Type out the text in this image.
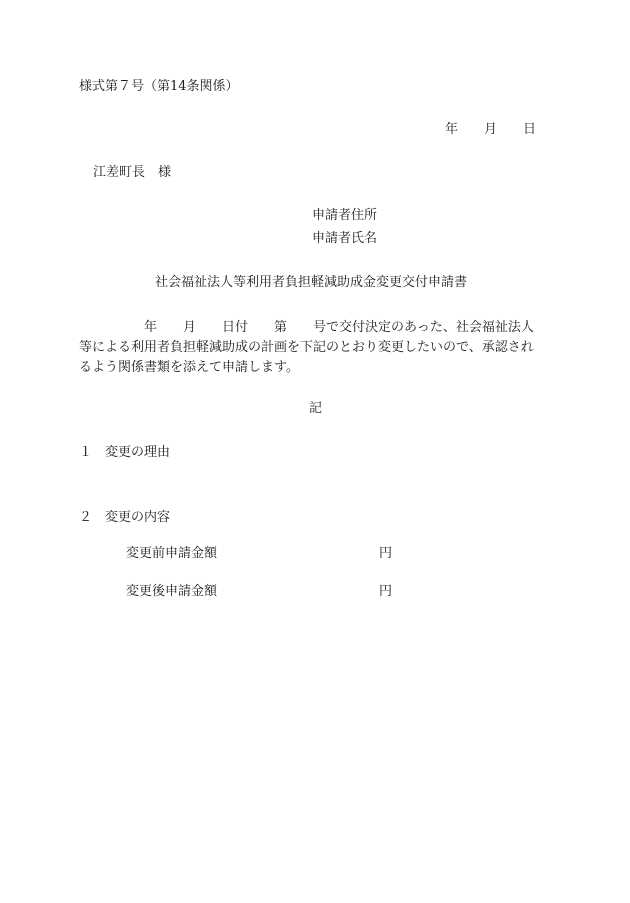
様式第７号（第14条関係）
年 月 日
江差町長　様
申請者住所
申請者氏名
社会福祉法人等利用者負担軽減助成金変更交付申請書
　　　　　年　　月　　日付　　第　　号で交付決定のあった、社会福祉法人
等による利用者負担軽減助成の計画を下記のとおり変更したいので、承認され
るよう関係書類を添えて申請します。
記
１　変更の理由
２　変更の内容
変更前申請金額	円
変更後申請金額	円
